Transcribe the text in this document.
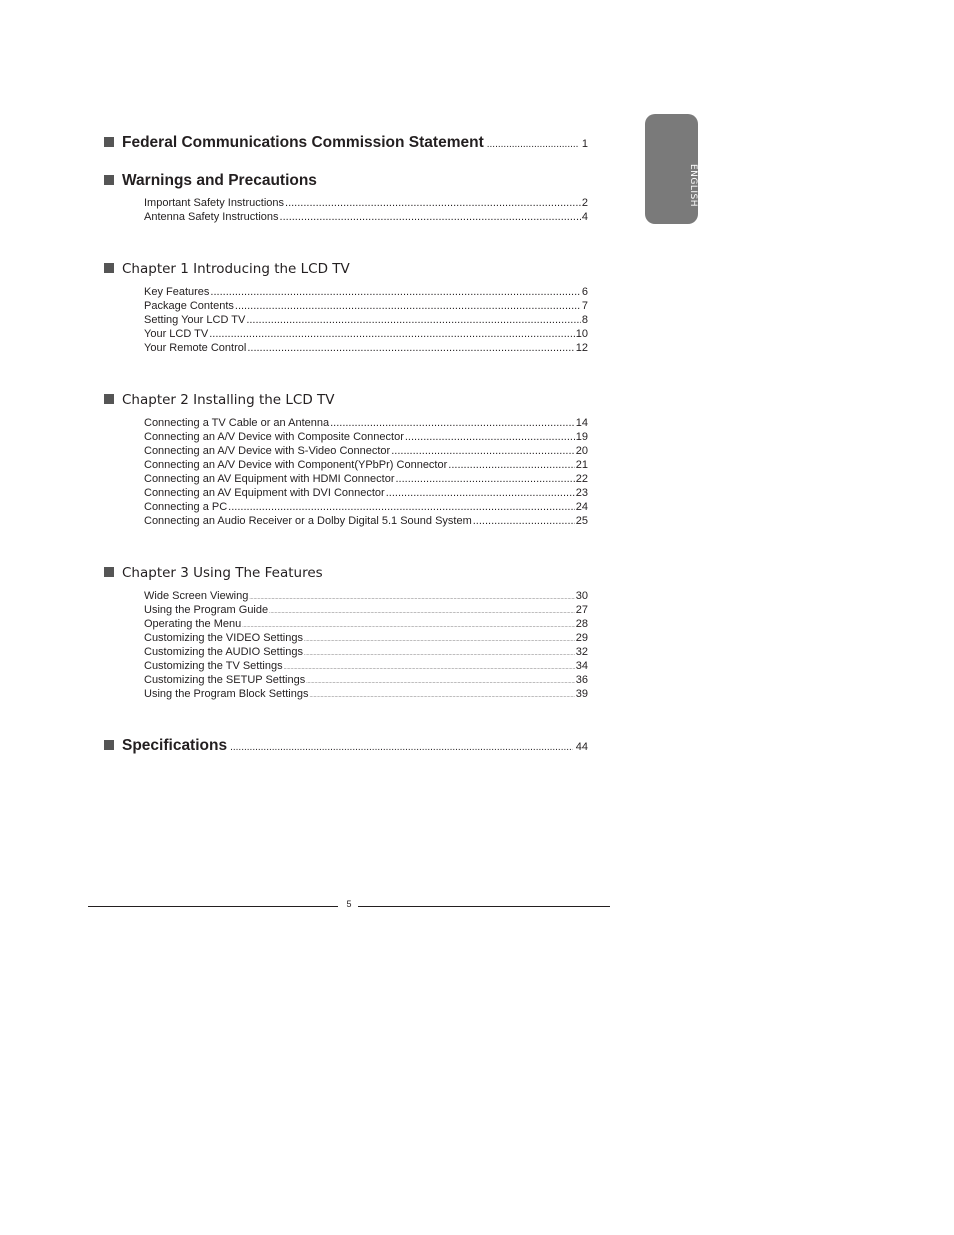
ENGLISH
Federal Communications Commission Statement .....	1
Warnings and Precautions
Important Safety Instructions .....	2
Antenna Safety Instructions .....	4
Chapter 1 Introducing the LCD TV
Key Features .....	6
Package Contents .....	7
Setting Your LCD TV .....	8
Your LCD TV .....	10
Your Remote Control .....	12
Chapter 2 Installing the LCD TV
Connecting a TV Cable or an Antenna .....	14
Connecting an A/V Device with Composite Connector .....	19
Connecting an A/V Device with S-Video Connector .....	20
Connecting an A/V Device with Component(YPbPr) Connector .....	21
Connecting an AV Equipment with HDMI Connector .....	22
Connecting an AV Equipment with DVI Connector .....	23
Connecting a PC .....	24
Connecting an Audio Receiver or a Dolby Digital 5.1 Sound System .....	25
Chapter 3 Using The Features
Wide Screen Viewing .....	30
Using the Program Guide .....	27
Operating the Menu .....	28
Customizing the VIDEO Settings .....	29
Customizing the AUDIO Settings .....	32
Customizing the TV Settings .....	34
Customizing the SETUP Settings .....	36
Using the Program Block Settings .....	39
Specifications .....	44
5
